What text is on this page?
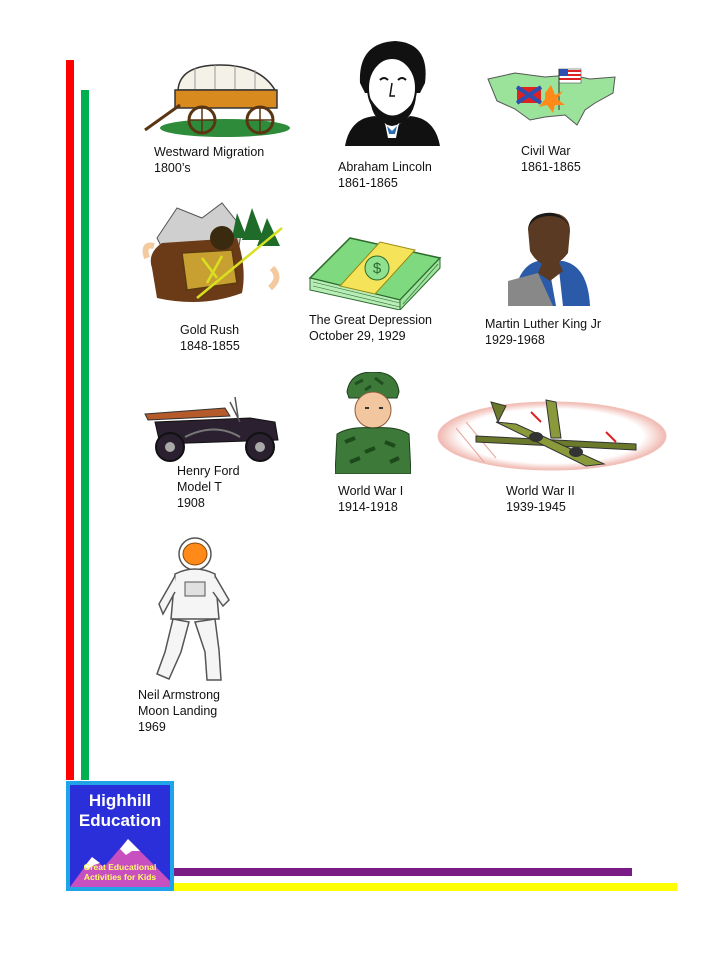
Westward Migration
1800’s	Abraham Lincoln
1861-1865

Civil War
1861-1865

Gold Rush
1848-1855

$

The Great Depression
October 29, 1929

Martin Luther King Jr
1929-1968

Henry Ford
Model T
1908

World War I
1914-1918

World War II
1939-1945

Neil Armstrong
Moon Landing
1969

Highhill
Education
Great Educational
Activities for Kids
